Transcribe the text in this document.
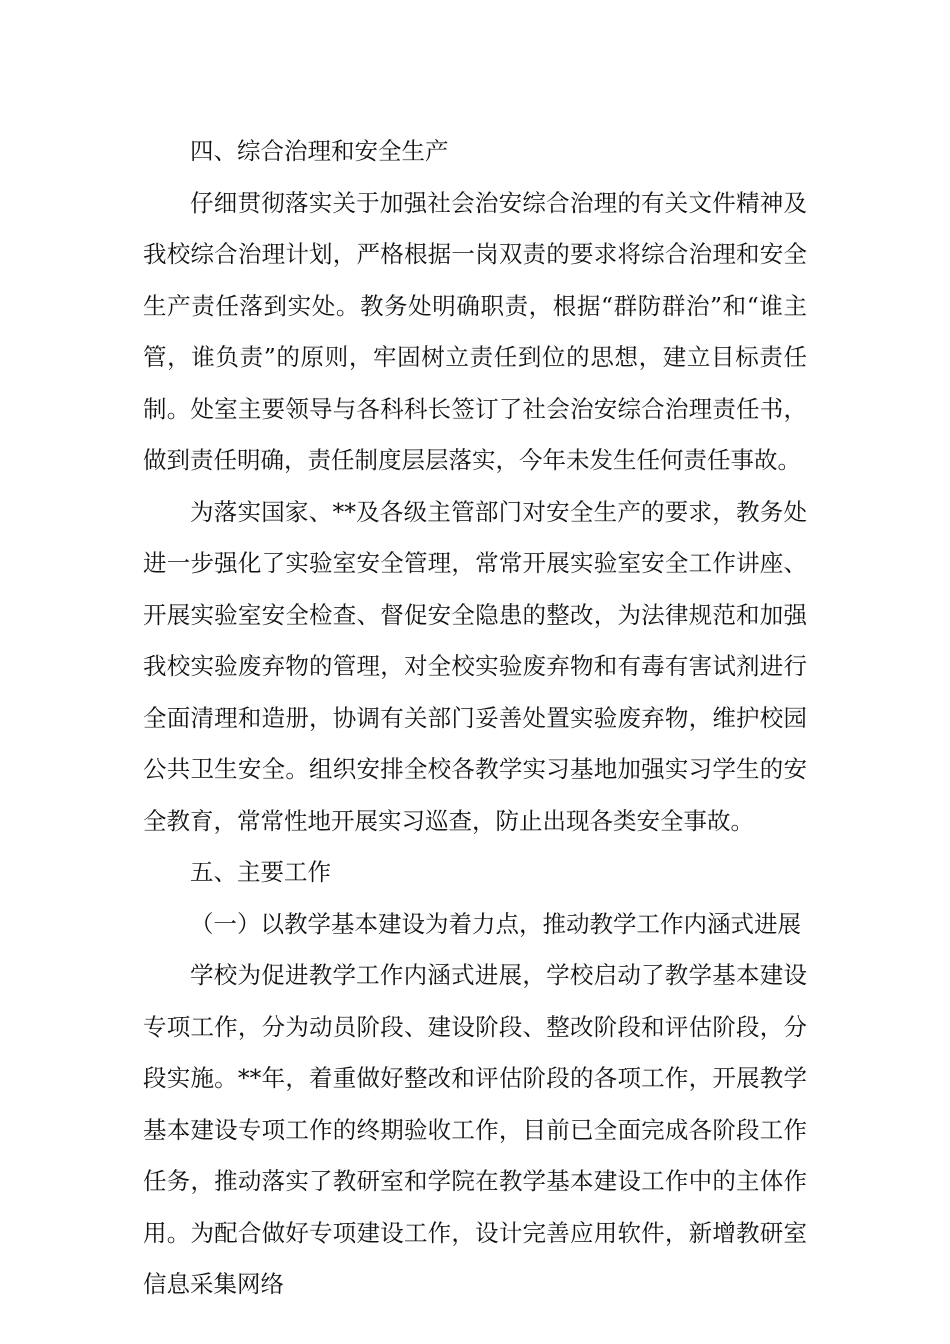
四、综合治理和安全生产

仔细贯彻落实关于加强社会治安综合治理的有关文件精神及我校综合治理计划，严格根据一岗双责的要求将综合治理和安全生产责任落到实处。教务处明确职责，根据“群防群治”和“谁主管，谁负责”的原则，牢固树立责任到位的思想，建立目标责任制。处室主要领导与各科科长签订了社会治安综合治理责任书，做到责任明确，责任制度层层落实，今年未发生任何责任事故。

为落实国家、**及各级主管部门对安全生产的要求，教务处进一步强化了实验室安全管理，常常开展实验室安全工作讲座、开展实验室安全检查、督促安全隐患的整改，为法律规范和加强我校实验废弃物的管理，对全校实验废弃物和有毒有害试剂进行全面清理和造册，协调有关部门妥善处置实验废弃物，维护校园公共卫生安全。组织安排全校各教学实习基地加强实习学生的安全教育，常常性地开展实习巡查，防止出现各类安全事故。

五、主要工作

（一）以教学基本建设为着力点，推动教学工作内涵式进展

学校为促进教学工作内涵式进展，学校启动了教学基本建设专项工作，分为动员阶段、建设阶段、整改阶段和评估阶段，分段实施。**年，着重做好整改和评估阶段的各项工作，开展教学基本建设专项工作的终期验收工作，目前已全面完成各阶段工作任务，推动落实了教研室和学院在教学基本建设工作中的主体作用。为配合做好专项建设工作，设计完善应用软件，新增教研室信息采集网络
